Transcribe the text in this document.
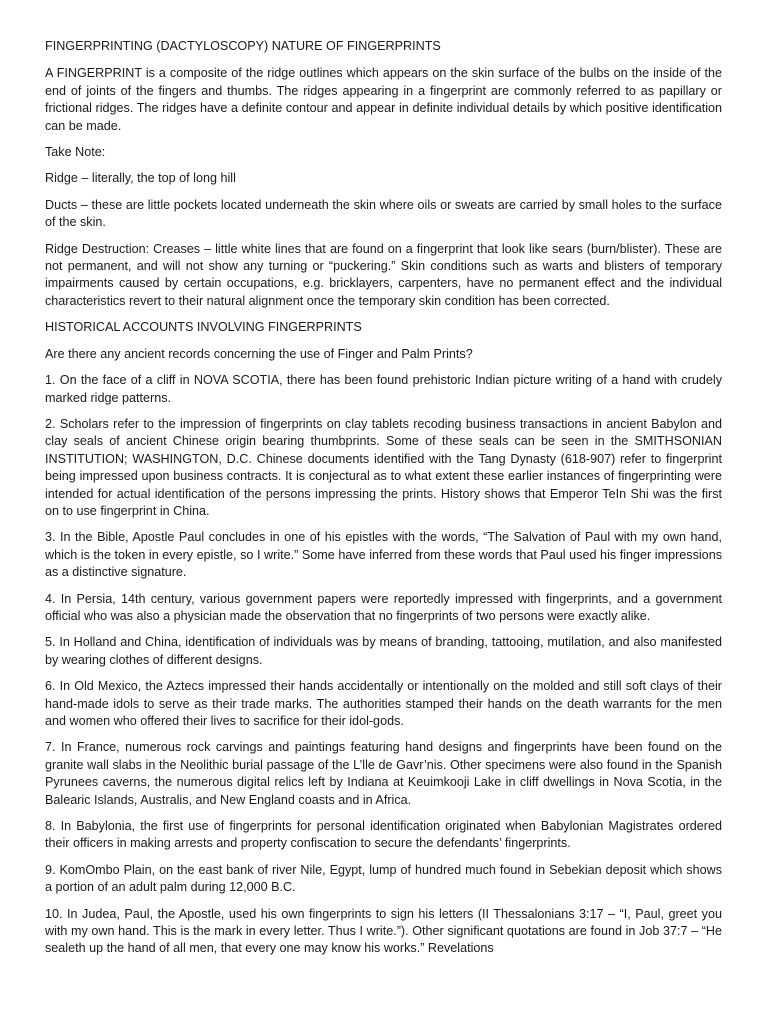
FINGERPRINTING (DACTYLOSCOPY) NATURE OF FINGERPRINTS

A FINGERPRINT is a composite of the ridge outlines which appears on the skin surface of the bulbs on the inside of the end of joints of the fingers and thumbs. The ridges appearing in a fingerprint are commonly referred to as papillary or frictional ridges. The ridges have a definite contour and appear in definite individual details by which positive identification can be made.

Take Note:

Ridge – literally, the top of long hill

Ducts – these are little pockets located underneath the skin where oils or sweats are carried by small holes to the surface of the skin.

Ridge Destruction: Creases – little white lines that are found on a fingerprint that look like sears (burn/blister). These are not permanent, and will not show any turning or “puckering.” Skin conditions such as warts and blisters of temporary impairments caused by certain occupations, e.g. bricklayers, carpenters, have no permanent effect and the individual characteristics revert to their natural alignment once the temporary skin condition has been corrected.

HISTORICAL ACCOUNTS INVOLVING FINGERPRINTS

Are there any ancient records concerning the use of Finger and Palm Prints?

1. On the face of a cliff in NOVA SCOTIA, there has been found prehistoric Indian picture writing of a hand with crudely marked ridge patterns.

2. Scholars refer to the impression of fingerprints on clay tablets recoding business transactions in ancient Babylon and clay seals of ancient Chinese origin bearing thumbprints. Some of these seals can be seen in the SMITHSONIAN INSTITUTION; WASHINGTON, D.C. Chinese documents identified with the Tang Dynasty (618-907) refer to fingerprint being impressed upon business contracts. It is conjectural as to what extent these earlier instances of fingerprinting were intended for actual identification of the persons impressing the prints. History shows that Emperor TeIn Shi was the first on to use fingerprint in China.

3. In the Bible, Apostle Paul concludes in one of his epistles with the words, “The Salvation of Paul with my own hand, which is the token in every epistle, so I write.” Some have inferred from these words that Paul used his finger impressions as a distinctive signature.

4. In Persia, 14th century, various government papers were reportedly impressed with fingerprints, and a government official who was also a physician made the observation that no fingerprints of two persons were exactly alike.

5. In Holland and China, identification of individuals was by means of branding, tattooing, mutilation, and also manifested by wearing clothes of different designs.

6. In Old Mexico, the Aztecs impressed their hands accidentally or intentionally on the molded and still soft clays of their hand-made idols to serve as their trade marks. The authorities stamped their hands on the death warrants for the men and women who offered their lives to sacrifice for their idol-gods.

7. In France, numerous rock carvings and paintings featuring hand designs and fingerprints have been found on the granite wall slabs in the Neolithic burial passage of the L’lle de Gavr’nis. Other specimens were also found in the Spanish Pyrunees caverns, the numerous digital relics left by Indiana at Keuimkooji Lake in cliff dwellings in Nova Scotia, in the Balearic Islands, Australis, and New England coasts and in Africa.

8. In Babylonia, the first use of fingerprints for personal identification originated when Babylonian Magistrates ordered their officers in making arrests and property confiscation to secure the defendants’ fingerprints.

9. KomOmbo Plain, on the east bank of river Nile, Egypt, lump of hundred much found in Sebekian deposit which shows a portion of an adult palm during 12,000 B.C.

10. In Judea, Paul, the Apostle, used his own fingerprints to sign his letters (II Thessalonians 3:17 – “I, Paul, greet you with my own hand. This is the mark in every letter. Thus I write.”). Other significant quotations are found in Job 37:7 – “He sealeth up the hand of all men, that every one may know his works.” Revelations
